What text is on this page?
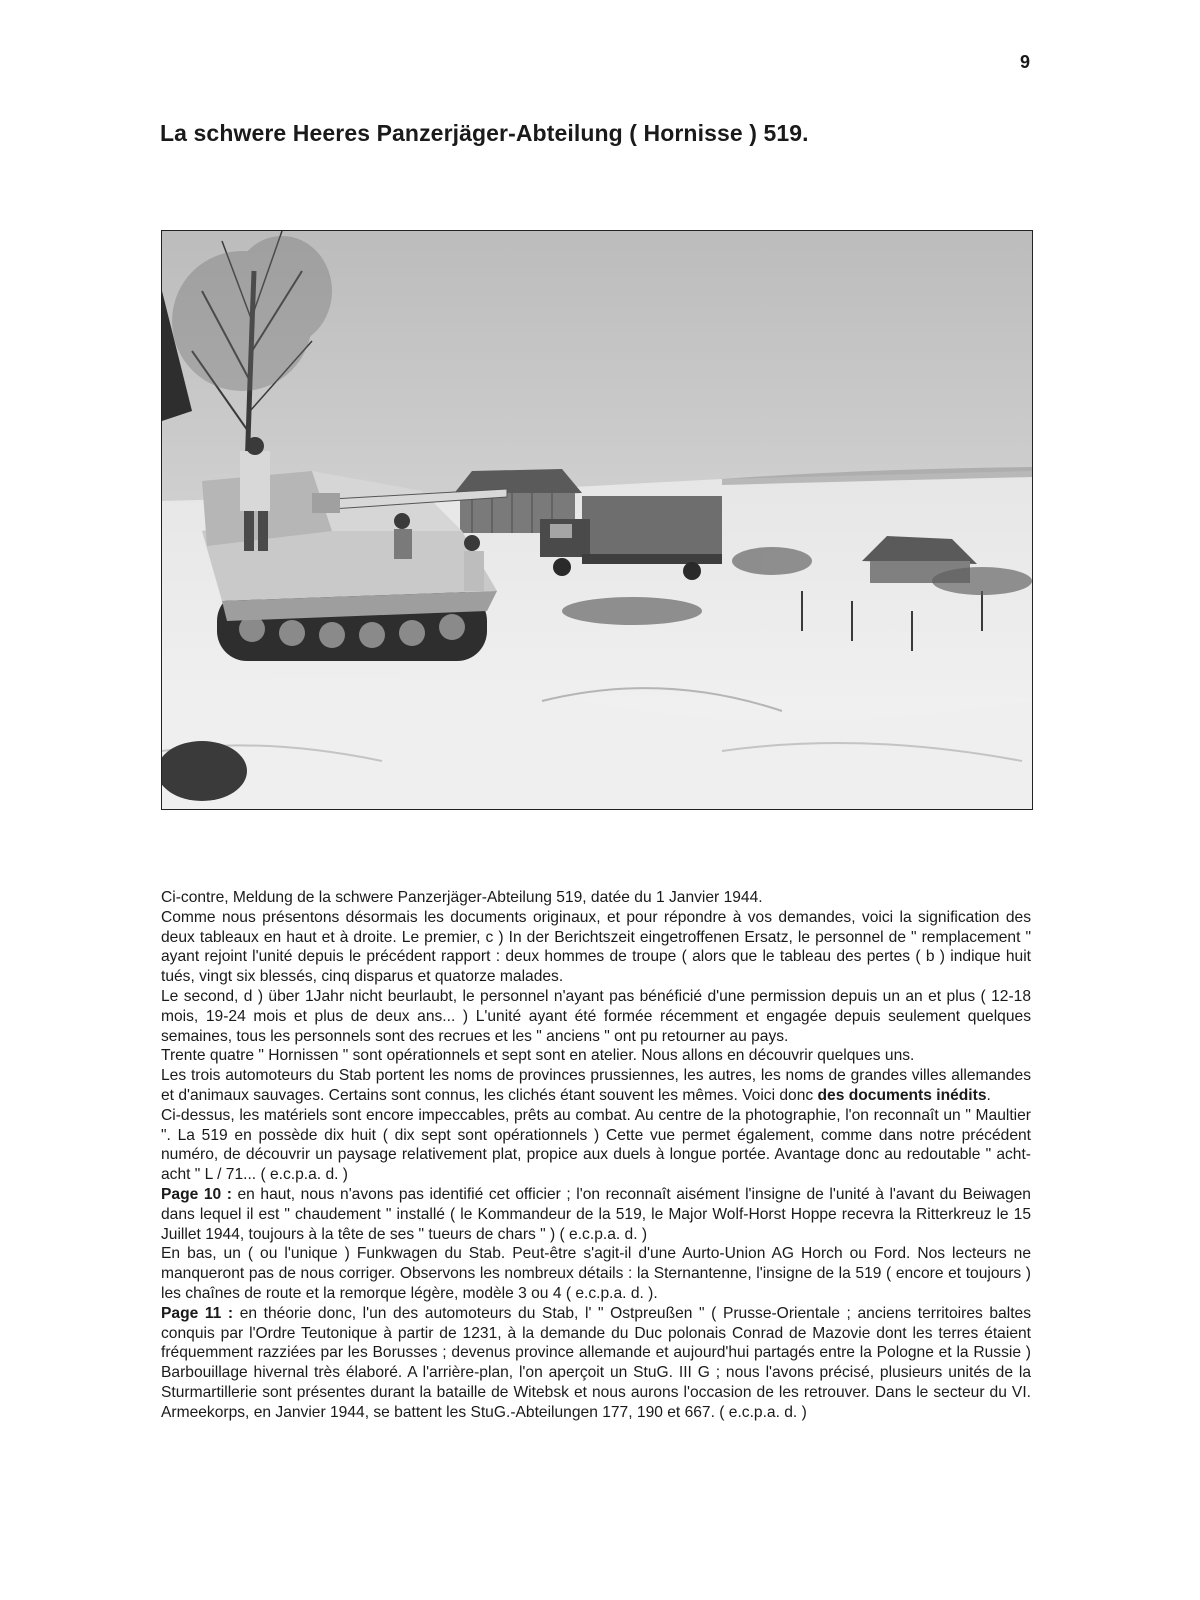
9
La schwere Heeres Panzerjäger-Abteilung ( Hornisse ) 519.

Ci-contre, Meldung de la schwere Panzerjäger-Abteilung 519, datée du 1 Janvier 1944.

Comme nous présentons désormais les documents originaux, et pour répondre à vos demandes, voici la signification des deux tableaux en haut et à droite. Le premier, c ) In der Berichtszeit eingetroffenen Ersatz, le personnel de " remplacement " ayant rejoint l'unité depuis le précédent rapport : deux hommes de troupe ( alors que le tableau des pertes ( b ) indique huit tués, vingt six blessés, cinq disparus et quatorze malades.

Le second, d ) über 1Jahr nicht beurlaubt, le personnel n'ayant pas bénéficié d'une permission depuis un an et plus ( 12-18 mois, 19-24 mois et plus de deux ans... ) L'unité ayant été formée récemment et engagée depuis seulement quelques semaines, tous les personnels sont des recrues et les " anciens " ont pu retourner au pays.

Trente quatre " Hornissen " sont opérationnels et sept sont en atelier. Nous allons en découvrir quelques uns.

Les trois automoteurs du Stab portent les noms de provinces prussiennes, les autres, les noms de grandes villes allemandes et d'animaux sauvages. Certains sont connus, les clichés étant souvent les mêmes. Voici donc des documents inédits.

Ci-dessus, les matériels sont encore impeccables, prêts au combat. Au centre de la photographie, l'on reconnaît un " Maultier ". La 519 en possède dix huit ( dix sept sont opérationnels ) Cette vue permet également, comme dans notre précédent numéro, de découvrir un paysage relativement plat, propice aux duels à longue portée. Avantage donc au redoutable " acht-acht " L / 71... ( e.c.p.a. d. )

Page 10 : en haut, nous n'avons pas identifié cet officier ; l'on reconnaît aisément l'insigne de l'unité à l'avant du Beiwagen dans lequel il est " chaudement " installé ( le Kommandeur de la 519, le Major Wolf-Horst Hoppe recevra la Ritterkreuz le 15 Juillet 1944, toujours à la tête de ses " tueurs de chars " ) ( e.c.p.a. d. )

En bas, un ( ou l'unique ) Funkwagen du Stab. Peut-être s'agit-il d'une Aurto-Union AG Horch ou Ford. Nos lecteurs ne manqueront pas de nous corriger. Observons les nombreux détails : la Sternantenne, l'insigne de la 519 ( encore et toujours ) les chaînes de route et la remorque légère, modèle 3 ou 4 ( e.c.p.a. d. ).

Page 11 : en théorie donc, l'un des automoteurs du Stab, l' " Ostpreußen " ( Prusse-Orientale ; anciens territoires baltes conquis par l'Ordre Teutonique à partir de 1231, à la demande du Duc polonais Conrad de Mazovie dont les terres étaient fréquemment razziées par les Borusses ; devenus province allemande et aujourd'hui partagés entre la Pologne et la Russie ) Barbouillage hivernal très élaboré. A l'arrière-plan, l'on aperçoit un StuG. III G ; nous l'avons précisé, plusieurs unités de la Sturmartillerie sont présentes durant la bataille de Witebsk et nous aurons l'occasion de les retrouver. Dans le secteur du VI. Armeekorps, en Janvier 1944, se battent les StuG.-Abteilungen 177, 190 et 667. ( e.c.p.a. d. )
